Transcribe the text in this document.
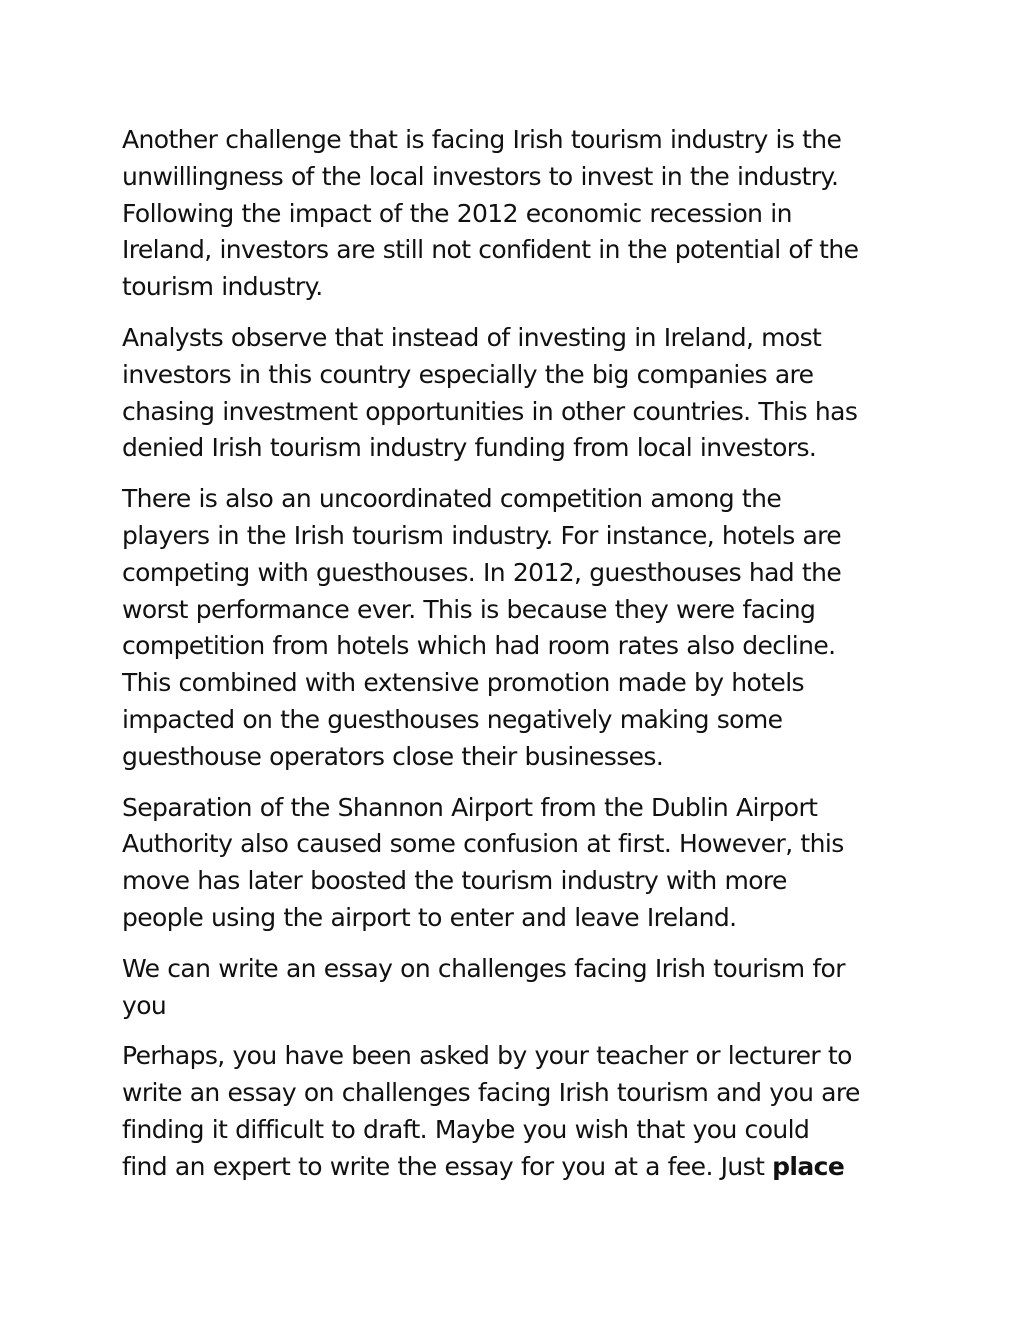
Another challenge that is facing Irish tourism industry is the
unwillingness of the local investors to invest in the industry.
Following the impact of the 2012 economic recession in
Ireland, investors are still not confident in the potential of the
tourism industry.

Analysts observe that instead of investing in Ireland, most
investors in this country especially the big companies are
chasing investment opportunities in other countries. This has
denied Irish tourism industry funding from local investors.

There is also an uncoordinated competition among the
players in the Irish tourism industry. For instance, hotels are
competing with guesthouses. In 2012, guesthouses had the
worst performance ever. This is because they were facing
competition from hotels which had room rates also decline.
This combined with extensive promotion made by hotels
impacted on the guesthouses negatively making some
guesthouse operators close their businesses.

Separation of the Shannon Airport from the Dublin Airport
Authority also caused some confusion at first. However, this
move has later boosted the tourism industry with more
people using the airport to enter and leave Ireland.

We can write an essay on challenges facing Irish tourism for
you

Perhaps, you have been asked by your teacher or lecturer to
write an essay on challenges facing Irish tourism and you are
finding it difficult to draft. Maybe you wish that you could
find an expert to write the essay for you at a fee. Just place
